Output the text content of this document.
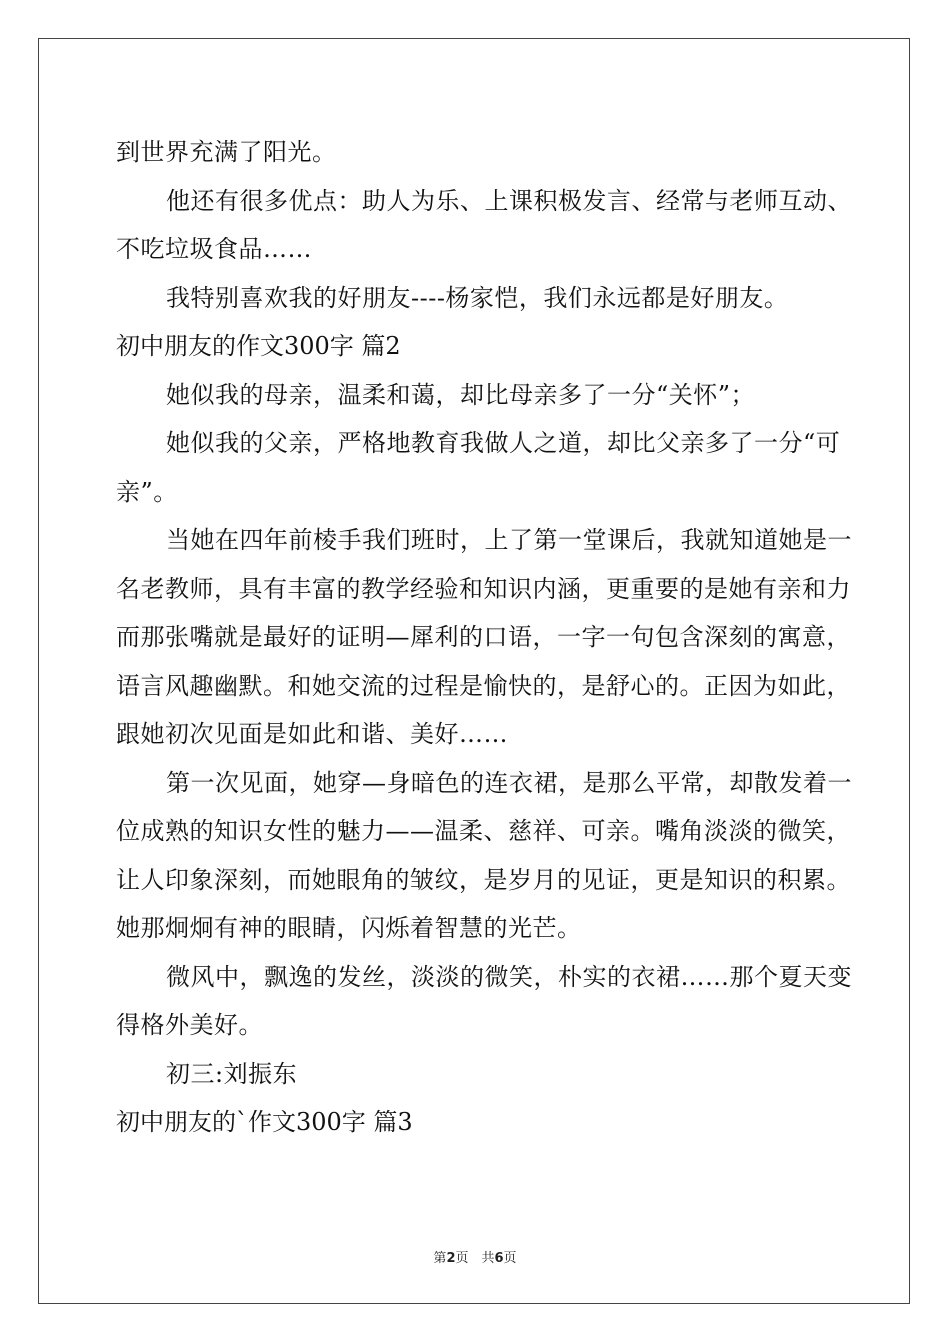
到世界充满了阳光。
他还有很多优点：助人为乐、上课积极发言、经常与老师互动、
不吃垃圾食品……
我特别喜欢我的好朋友----杨家恺，我们永远都是好朋友。
初中朋友的作文300字 篇2
她似我的母亲，温柔和蔼，却比母亲多了一分“关怀”；
她似我的父亲，严格地教育我做人之道，却比父亲多了一分“可
亲”。
当她在四年前棱手我们班时，上了第一堂课后，我就知道她是一
名老教师，具有丰富的教学经验和知识内涵，更重要的是她有亲和力
而那张嘴就是最好的证明—犀利的口语，一字一句包含深刻的寓意，
语言风趣幽默。和她交流的过程是愉快的，是舒心的。正因为如此，
跟她初次见面是如此和谐、美好……
第一次见面，她穿—身暗色的连衣裙，是那么平常，却散发着一
位成熟的知识女性的魅力——温柔、慈祥、可亲。嘴角淡淡的微笑，
让人印象深刻，而她眼角的皱纹，是岁月的见证，更是知识的积累。
她那炯炯有神的眼睛，闪烁着智慧的光芒。
微风中，飘逸的发丝，淡淡的微笑，朴实的衣裙……那个夏天变
得格外美好。
初三:刘振东
初中朋友的`作文300字 篇3
第2页　共6页
